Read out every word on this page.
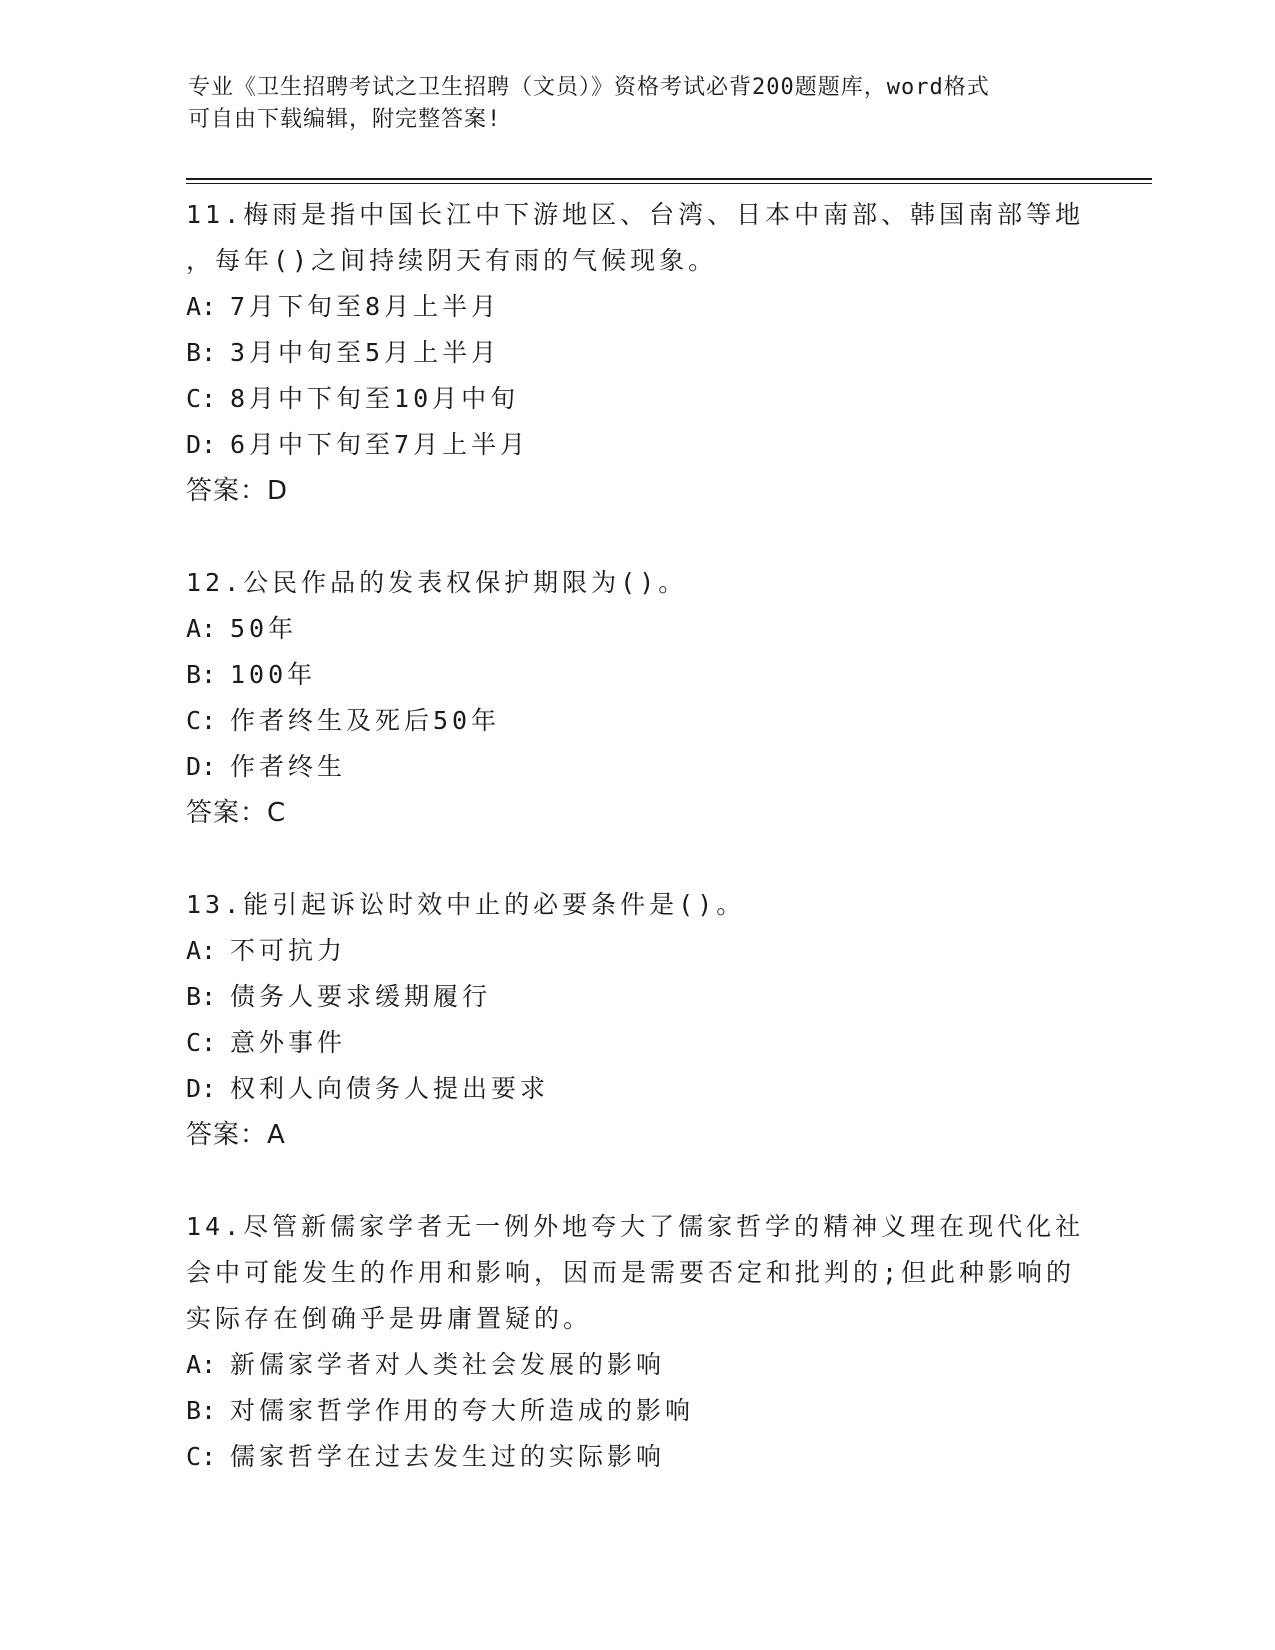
专业《卫生招聘考试之卫生招聘（文员）》资格考试必背200题题库，word格式
可自由下载编辑，附完整答案!
11.梅雨是指中国长江中下游地区、台湾、日本中南部、韩国南部等地
，每年()之间持续阴天有雨的气候现象。
A: 7月下旬至8月上半月
B: 3月中旬至5月上半月
C: 8月中下旬至10月中旬
D: 6月中下旬至7月上半月
答案：D
12.公民作品的发表权保护期限为()。
A: 50年
B: 100年
C: 作者终生及死后50年
D: 作者终生
答案：C
13.能引起诉讼时效中止的必要条件是()。
A: 不可抗力
B: 债务人要求缓期履行
C: 意外事件
D: 权利人向债务人提出要求
答案：A
14.尽管新儒家学者无一例外地夸大了儒家哲学的精神义理在现代化社
会中可能发生的作用和影响，因而是需要否定和批判的;但此种影响的
实际存在倒确乎是毋庸置疑的。
A: 新儒家学者对人类社会发展的影响
B: 对儒家哲学作用的夸大所造成的影响
C: 儒家哲学在过去发生过的实际影响
